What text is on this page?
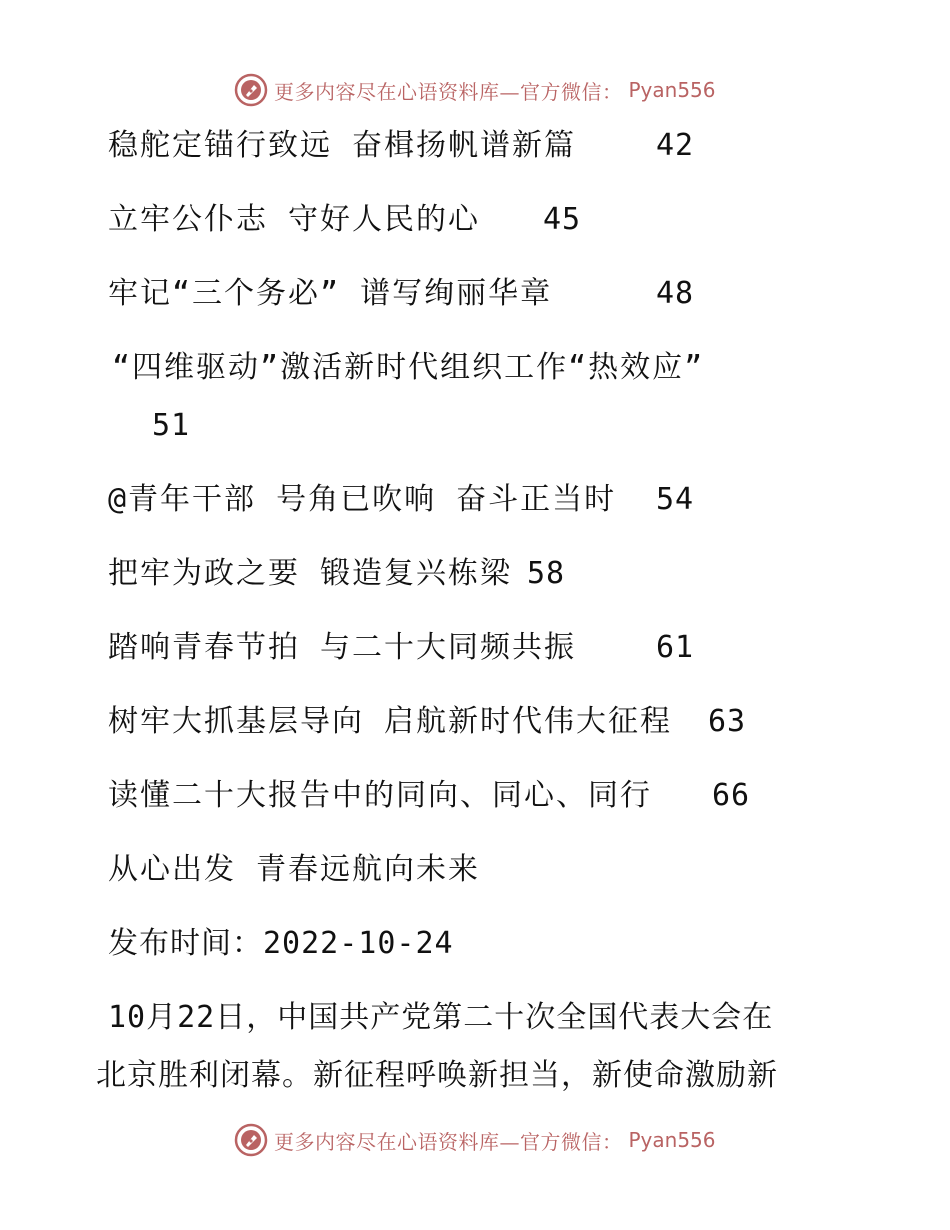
更多内容尽在心语资料库—官方微信： Pyan556
稳舵定锚行致远 奋楫扬帆谱新篇	42
立牢公仆志 守好人民的心 45
牢记“三个务必” 谱写绚丽华章	48
“四维驱动”激活新时代组织工作“热效应”
51
@青年干部 号角已吹响 奋斗正当时 54
把牢为政之要 锻造复兴栋梁 58
踏响青春节拍 与二十大同频共振	61
树牢大抓基层导向 启航新时代伟大征程 63
读懂二十大报告中的同向、同心、同行 66
从心出发 青春远航向未来
发布时间：2022-10-24
10月22日，中国共产党第二十次全国代表大会在
北京胜利闭幕。新征程呼唤新担当，新使命激励新
更多内容尽在心语资料库—官方微信： Pyan556
